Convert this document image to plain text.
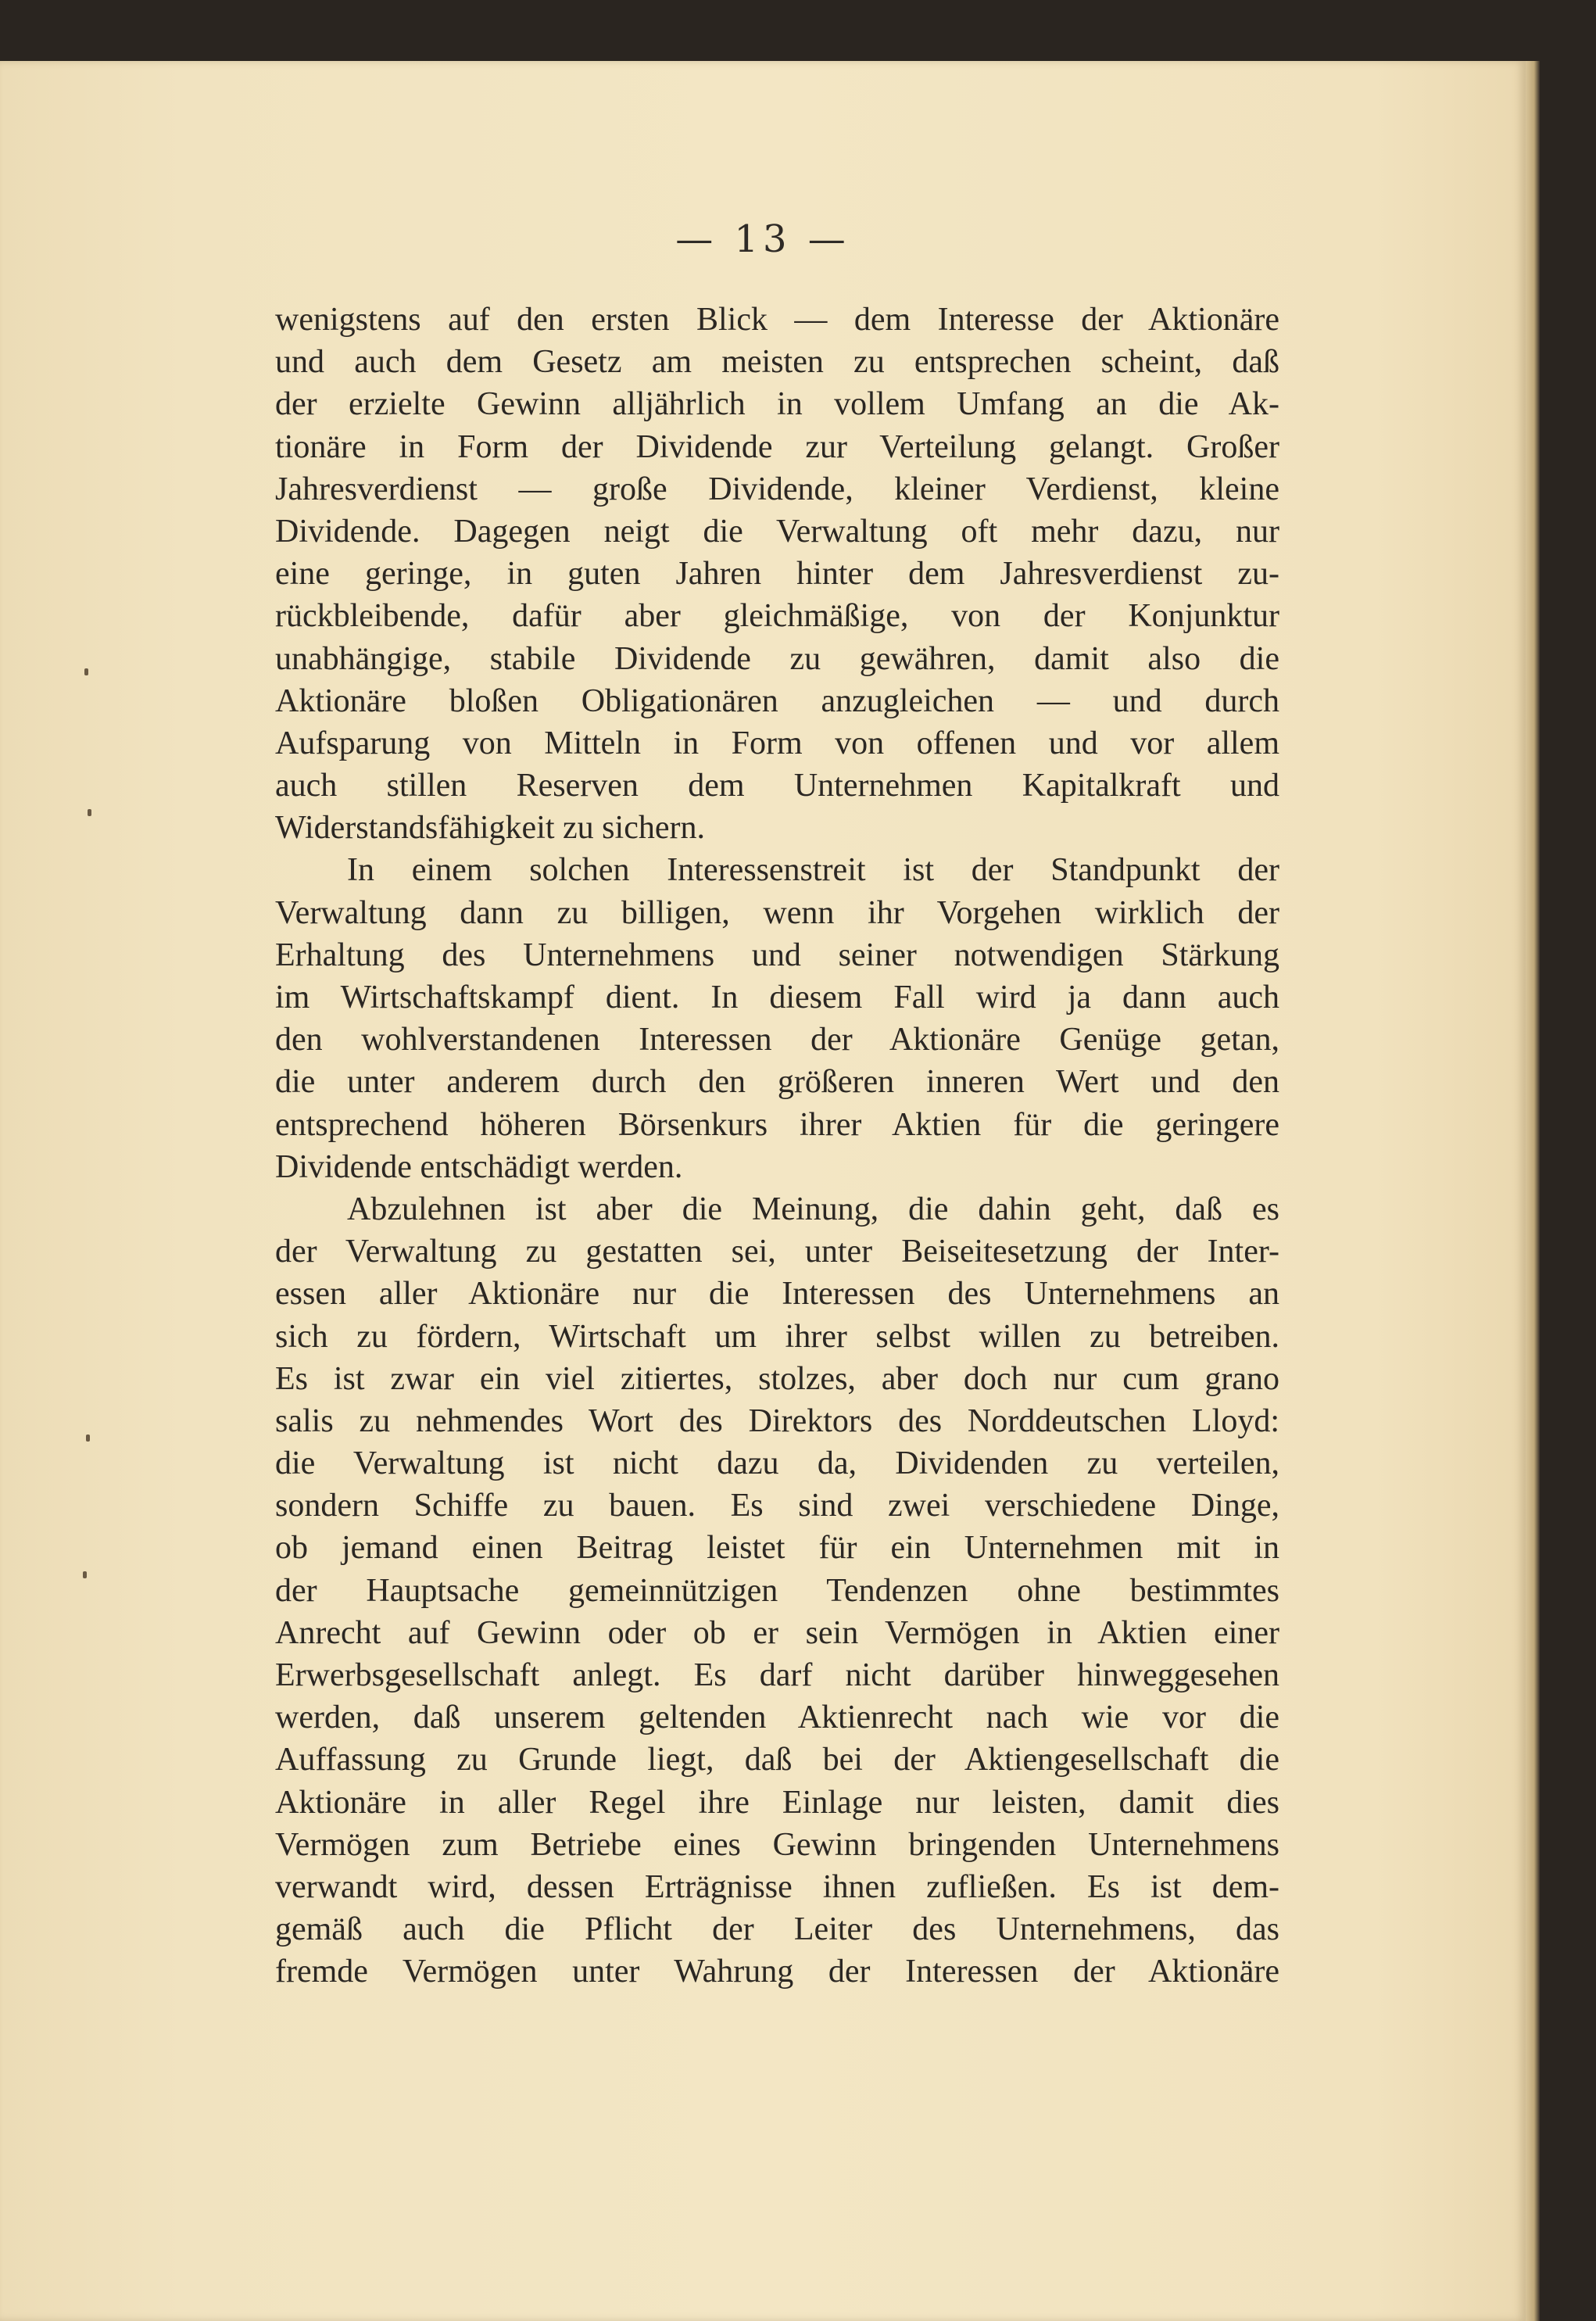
— 13 —
wenigstens auf den ersten Blick — dem Interesse der Aktionäre
und auch dem Gesetz am meisten zu entsprechen scheint, daß
der erzielte Gewinn alljährlich in vollem Umfang an die Ak-
tionäre in Form der Dividende zur Verteilung gelangt. Großer
Jahresverdienst — große Dividende, kleiner Verdienst, kleine
Dividende. Dagegen neigt die Verwaltung oft mehr dazu, nur
eine geringe, in guten Jahren hinter dem Jahresverdienst zu-
rückbleibende, dafür aber gleichmäßige, von der Konjunktur
unabhängige, stabile Dividende zu gewähren, damit also die
Aktionäre bloßen Obligationären anzugleichen — und durch
Aufsparung von Mitteln in Form von offenen und vor allem
auch stillen Reserven dem Unternehmen Kapitalkraft und
Widerstandsfähigkeit zu sichern.
In einem solchen Interessenstreit ist der Standpunkt der
Verwaltung dann zu billigen, wenn ihr Vorgehen wirklich der
Erhaltung des Unternehmens und seiner notwendigen Stärkung
im Wirtschaftskampf dient. In diesem Fall wird ja dann auch
den wohlverstandenen Interessen der Aktionäre Genüge getan,
die unter anderem durch den größeren inneren Wert und den
entsprechend höheren Börsenkurs ihrer Aktien für die geringere
Dividende entschädigt werden.
Abzulehnen ist aber die Meinung, die dahin geht, daß es
der Verwaltung zu gestatten sei, unter Beiseitesetzung der Inter-
essen aller Aktionäre nur die Interessen des Unternehmens an
sich zu fördern, Wirtschaft um ihrer selbst willen zu betreiben.
Es ist zwar ein viel zitiertes, stolzes, aber doch nur cum grano
salis zu nehmendes Wort des Direktors des Norddeutschen Lloyd:
die Verwaltung ist nicht dazu da, Dividenden zu verteilen,
sondern Schiffe zu bauen. Es sind zwei verschiedene Dinge,
ob jemand einen Beitrag leistet für ein Unternehmen mit in
der Hauptsache gemeinnützigen Tendenzen ohne bestimmtes
Anrecht auf Gewinn oder ob er sein Vermögen in Aktien einer
Erwerbsgesellschaft anlegt. Es darf nicht darüber hinweggesehen
werden, daß unserem geltenden Aktienrecht nach wie vor die
Auffassung zu Grunde liegt, daß bei der Aktiengesellschaft die
Aktionäre in aller Regel ihre Einlage nur leisten, damit dies
Vermögen zum Betriebe eines Gewinn bringenden Unternehmens
verwandt wird, dessen Erträgnisse ihnen zufließen. Es ist dem-
gemäß auch die Pflicht der Leiter des Unternehmens, das
fremde Vermögen unter Wahrung der Interessen der Aktionäre
